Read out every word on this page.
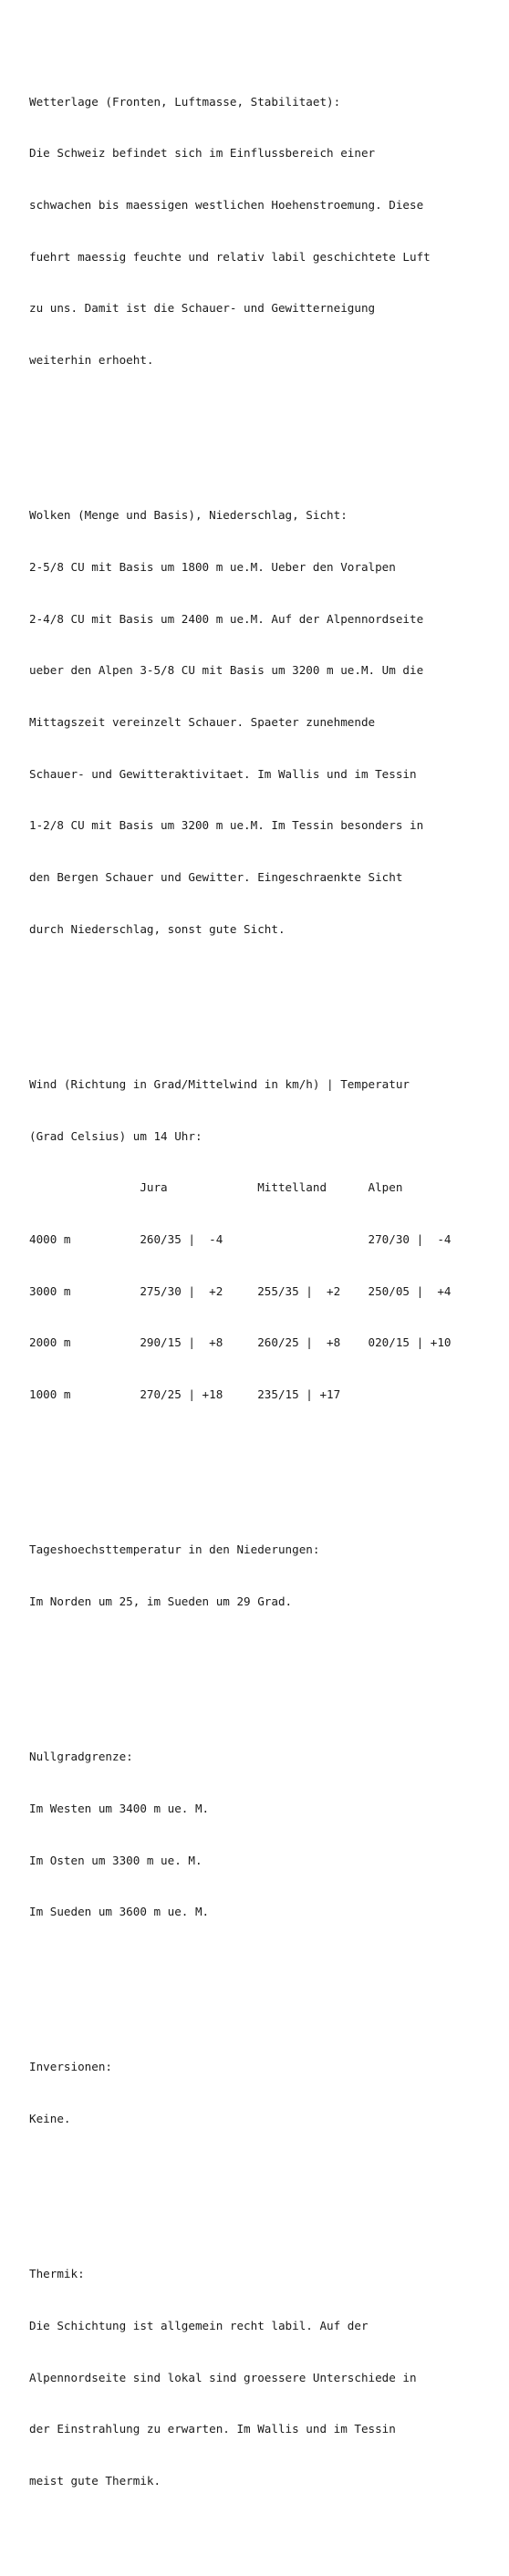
Wetterlage (Fronten, Luftmasse, Stabilitaet):

Die Schweiz befindet sich im Einflussbereich einer

schwachen bis maessigen westlichen Hoehenstroemung. Diese

fuehrt maessig feuchte und relativ labil geschichtete Luft

zu uns. Damit ist die Schauer- und Gewitterneigung

weiterhin erhoeht.

Wolken (Menge und Basis), Niederschlag, Sicht:

2-5/8 CU mit Basis um 1800 m ue.M. Ueber den Voralpen

2-4/8 CU mit Basis um 2400 m ue.M. Auf der Alpennordseite

ueber den Alpen 3-5/8 CU mit Basis um 3200 m ue.M. Um die

Mittagszeit vereinzelt Schauer. Spaeter zunehmende

Schauer- und Gewitteraktivitaet. Im Wallis und im Tessin

1-2/8 CU mit Basis um 3200 m ue.M. Im Tessin besonders in

den Bergen Schauer und Gewitter. Eingeschraenkte Sicht

durch Niederschlag, sonst gute Sicht.

Wind (Richtung in Grad/Mittelwind in km/h) | Temperatur

(Grad Celsius) um 14 Uhr:

Jura             Mittelland      Alpen

4000 m          260/35 |  -4                     270/30 |  -4

3000 m          275/30 |  +2     255/35 |  +2    250/05 |  +4

2000 m          290/15 |  +8     260/25 |  +8    020/15 | +10

1000 m          270/25 | +18     235/15 | +17

Tageshoechsttemperatur in den Niederungen:

Im Norden um 25, im Sueden um 29 Grad.

Nullgradgrenze:

Im Westen um 3400 m ue. M.

Im Osten um 3300 m ue. M.

Im Sueden um 3600 m ue. M.

Inversionen:

Keine.

Thermik:

Die Schichtung ist allgemein recht labil. Auf der

Alpennordseite sind lokal sind groessere Unterschiede in

der Einstrahlung zu erwarten. Im Wallis und im Tessin

meist gute Thermik.
